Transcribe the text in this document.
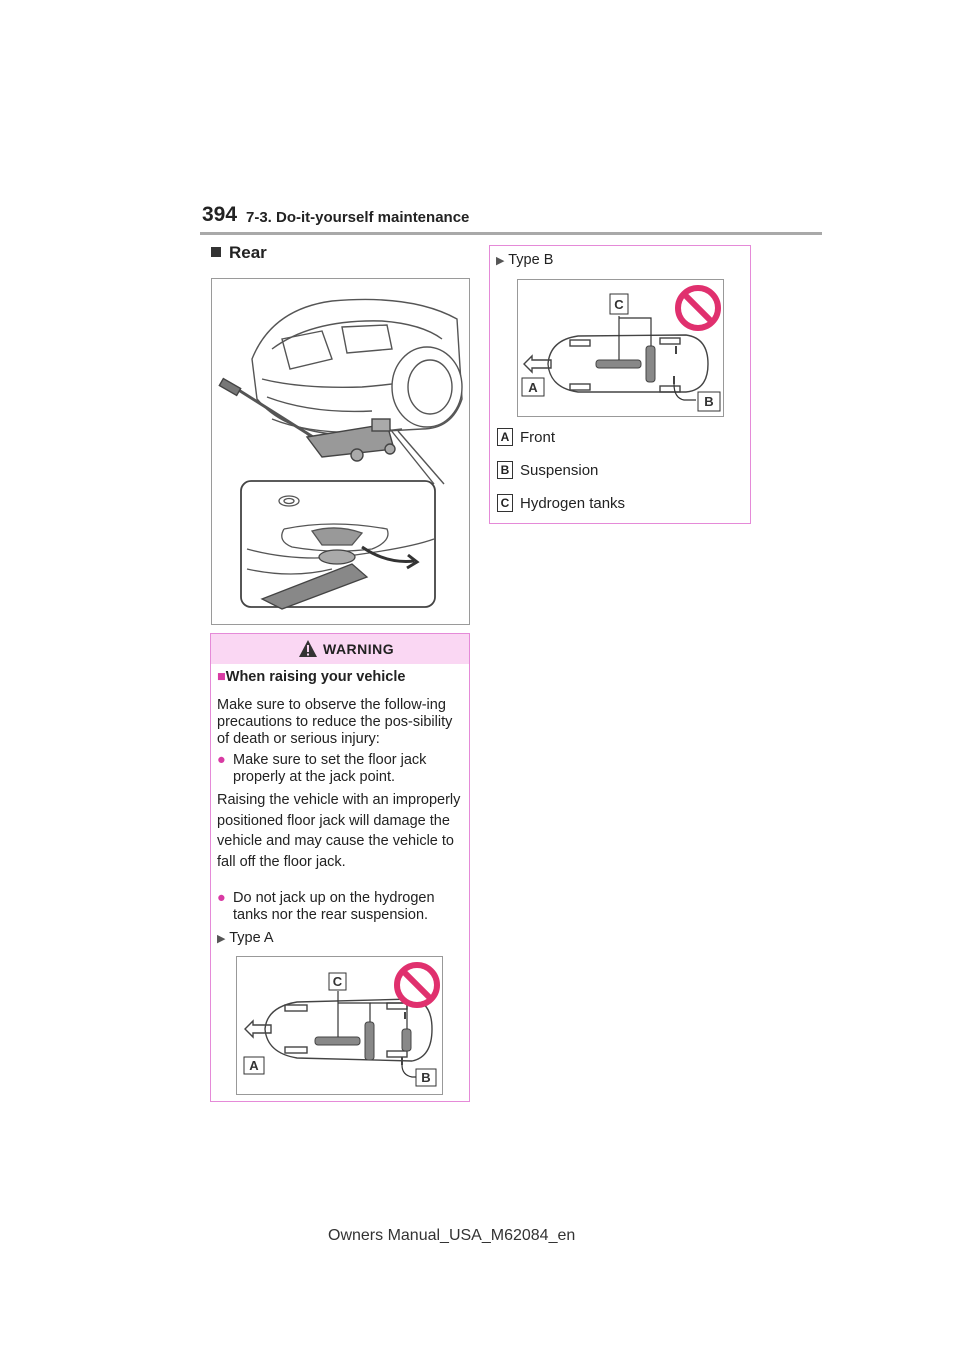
394 7-3. Do-it-yourself maintenance
Rear
WARNING
■When raising your vehicle
Make sure to observe the follow-ing precautions to reduce the pos-sibility of death or serious injury:
● Make sure to set the floor jack properly at the jack point.
Raising the vehicle with an improperly positioned floor jack will damage the vehicle and may cause the vehicle to fall off the floor jack.
● Do not jack up on the hydrogen tanks nor the rear suspension.
▶ Type A
C
A
B
▶ Type B
A Front
B Suspension
C Hydrogen tanks
C
A
B
Owners Manual_USA_M62084_en
